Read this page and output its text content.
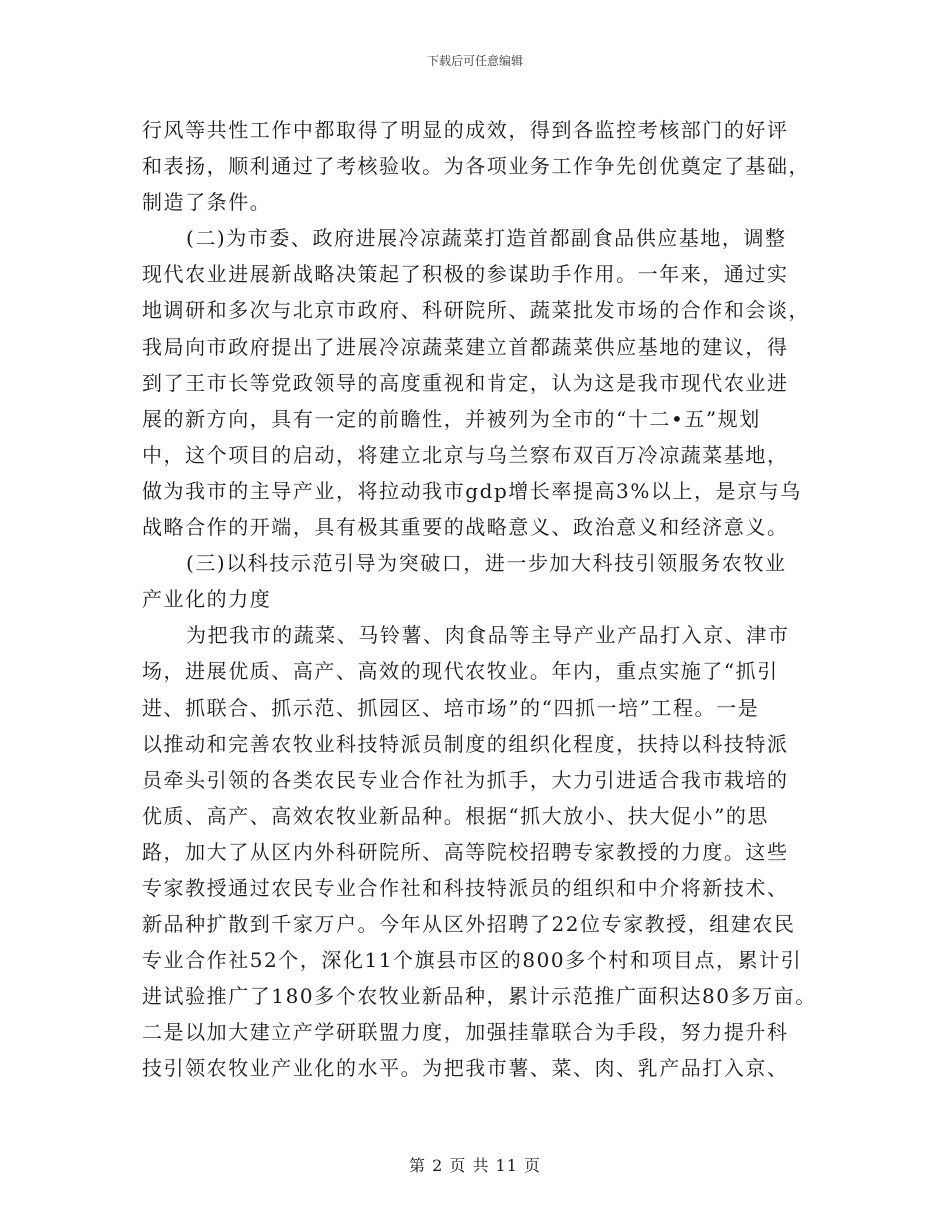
下载后可任意编辑
行风等共性工作中都取得了明显的成效，得到各监控考核部门的好评
和表扬，顺利通过了考核验收。为各项业务工作争先创优奠定了基础，
制造了条件。
(二)为市委、政府进展冷凉蔬菜打造首都副食品供应基地，调整
现代农业进展新战略决策起了积极的参谋助手作用。一年来，通过实
地调研和多次与北京市政府、科研院所、蔬菜批发市场的合作和会谈，
我局向市政府提出了进展冷凉蔬菜建立首都蔬菜供应基地的建议，得
到了王市长等党政领导的高度重视和肯定，认为这是我市现代农业进
展的新方向，具有一定的前瞻性，并被列为全市的“十二•五”规划
中，这个项目的启动，将建立北京与乌兰察布双百万冷凉蔬菜基地，
做为我市的主导产业，将拉动我市gdp增长率提高3%以上，是京与乌
战略合作的开端，具有极其重要的战略意义、政治意义和经济意义。
(三)以科技示范引导为突破口，进一步加大科技引领服务农牧业
产业化的力度
为把我市的蔬菜、马铃薯、肉食品等主导产业产品打入京、津市
场，进展优质、高产、高效的现代农牧业。年内，重点实施了“抓引
进、抓联合、抓示范、抓园区、培市场”的“四抓一培”工程。一是
以推动和完善农牧业科技特派员制度的组织化程度，扶持以科技特派
员牵头引领的各类农民专业合作社为抓手，大力引进适合我市栽培的
优质、高产、高效农牧业新品种。根据“抓大放小、扶大促小”的思
路，加大了从区内外科研院所、高等院校招聘专家教授的力度。这些
专家教授通过农民专业合作社和科技特派员的组织和中介将新技术、
新品种扩散到千家万户。今年从区外招聘了22位专家教授，组建农民
专业合作社52个，深化11个旗县市区的800多个村和项目点，累计引
进试验推广了180多个农牧业新品种，累计示范推广面积达80多万亩。
二是以加大建立产学研联盟力度，加强挂靠联合为手段，努力提升科
技引领农牧业产业化的水平。为把我市薯、菜、肉、乳产品打入京、
第 2 页 共 11 页
